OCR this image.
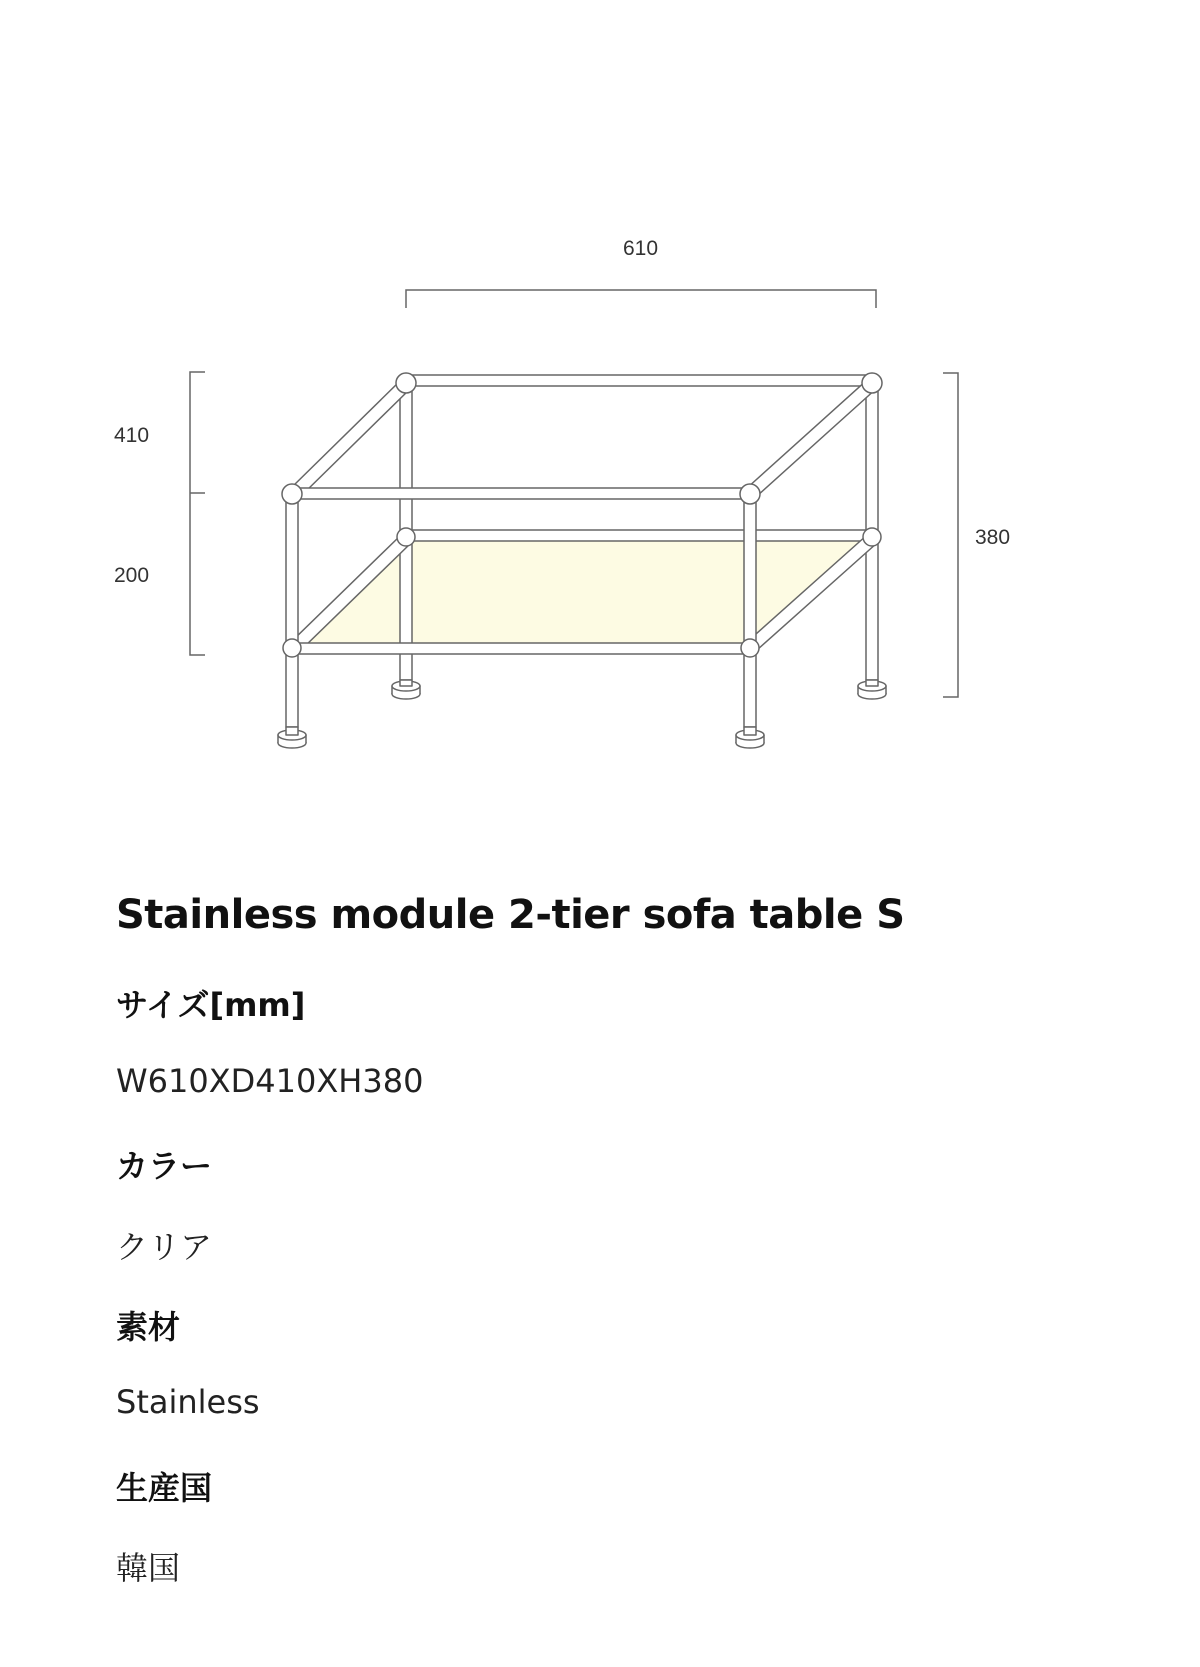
610
410
200
380
Stainless module 2-tier sofa table S
サイズ[mm]
W610XD410XH380
カラー
クリア
素材
Stainless
生産国
韓国
